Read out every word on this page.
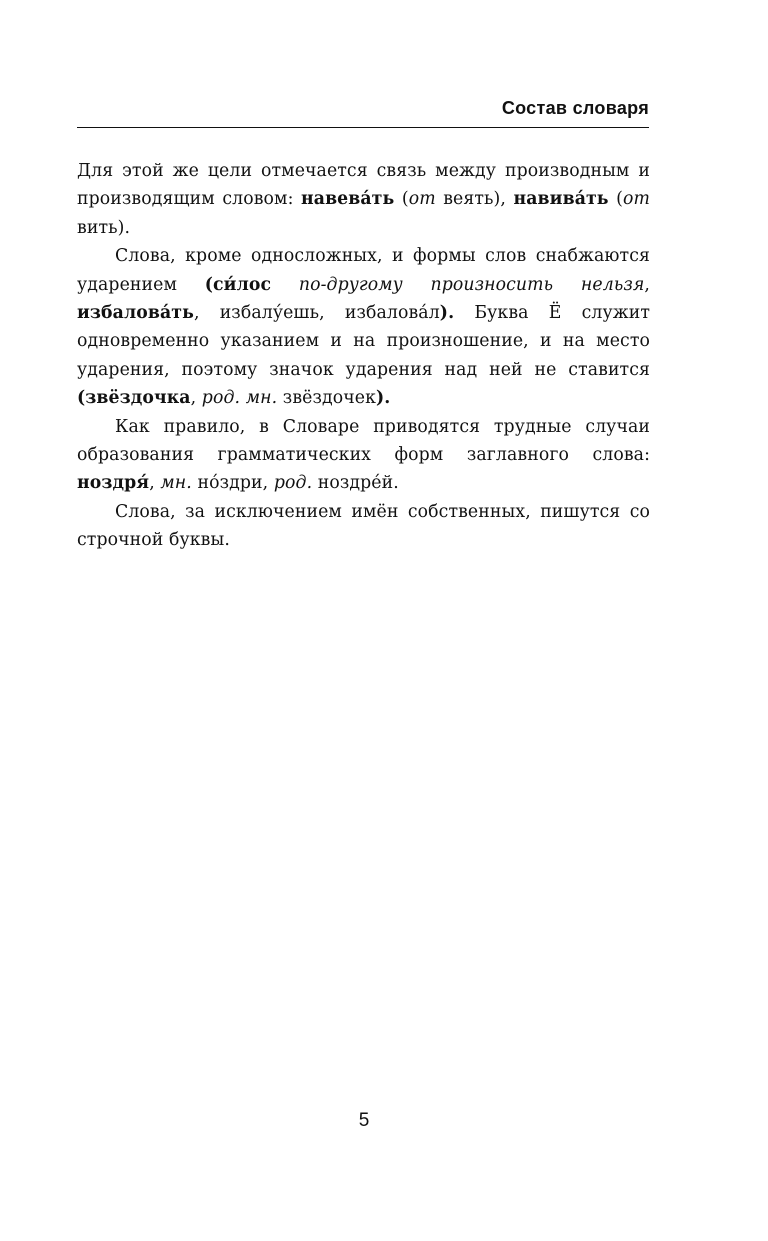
Состав словаря

Для этой же цели отмечается связь между производным и производящим словом: навева́ть (от веять), навива́ть (от вить).

Слова, кроме односложных, и формы слов снабжаются ударением (си́лос по-другому произносить нельзя, избалова́ть, избалу́ешь, избалова́л). Буква Ё служит одновременно указанием и на произношение, и на место ударения, поэтому значок ударения над ней не ставится (звёздочка, род. мн. звёздочек).

Как правило, в Словаре приводятся трудные случаи образования грамматических форм заглавного слова: ноздря́, мн. но́здри, род. ноздре́й.

Слова, за исключением имён собственных, пишутся со строчной буквы.

5
